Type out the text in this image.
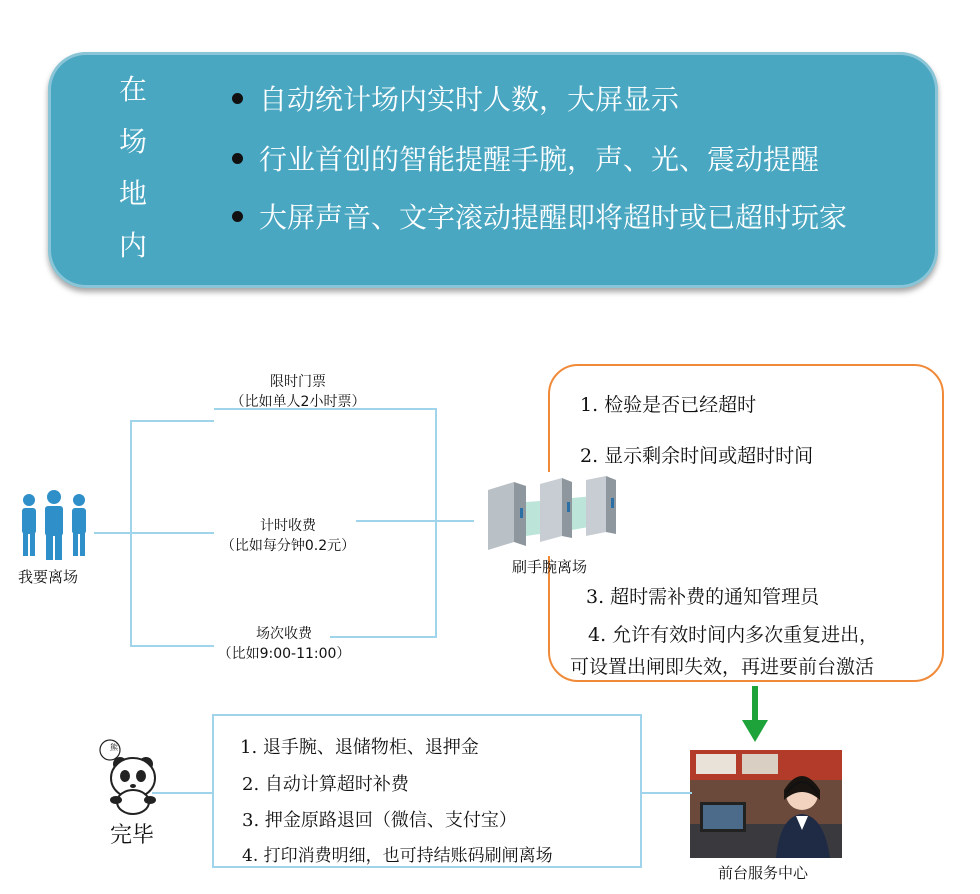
在
场
地
内
自动统计场内实时人数，大屏显示
行业首创的智能提醒手腕，声、光、震动提醒
大屏声音、文字滚动提醒即将超时或已超时玩家
我要离场
限时门票
（比如单人2小时票）
计时收费
（比如每分钟0.2元）
场次收费
（比如9:00-11:00）
1. 检验是否已经超时
2. 显示剩余时间或超时时间
3. 超时需补费的通知管理员
4. 允许有效时间内多次重复进出，
可设置出闸即失效，再进要前台激活
刷手腕离场
前台服务中心
1. 退手腕、退储物柜、退押金
2. 自动计算超时补费
3. 押金原路退回（微信、支付宝）
4. 打印消费明细，也可持结账码刷闸离场
熊
完毕
